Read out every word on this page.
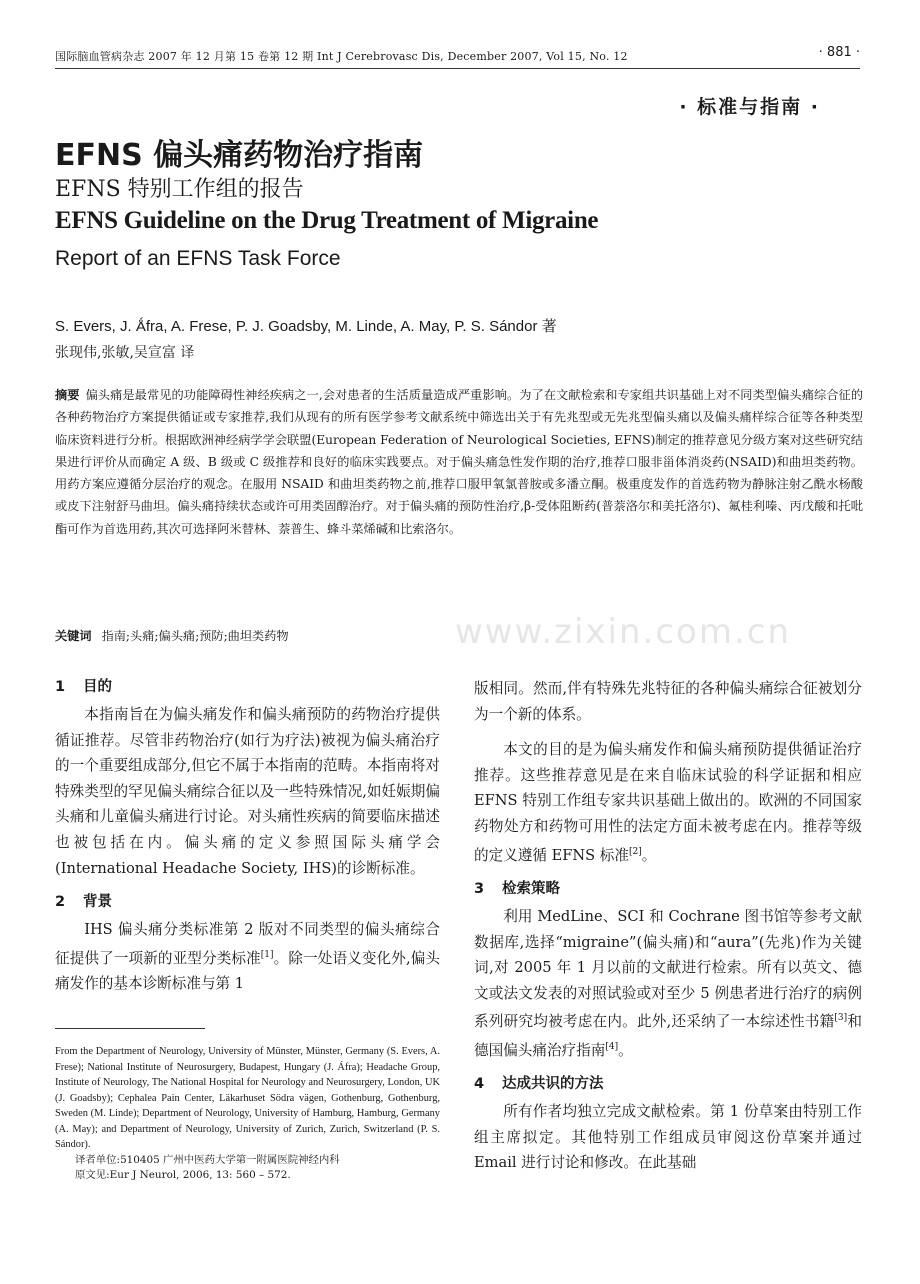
国际脑血管病杂志 2007 年 12 月第 15 卷第 12 期 Int J Cerebrovasc Dis, December 2007, Vol 15, No. 12	· 881 ·
· 标准与指南 ·
EFNS 偏头痛药物治疗指南
EFNS 特别工作组的报告
EFNS Guideline on the Drug Treatment of Migraine
Report of an EFNS Task Force
S. Evers, J. Ǻfra, A. Frese, P. J. Goadsby, M. Linde, A. May, P. S. Sándor 著
张现伟,张敏,吴宣富 译
摘要 偏头痛是最常见的功能障碍性神经疾病之一,会对患者的生活质量造成严重影响。为了在文献检索和专家组共识基础上对不同类型偏头痛综合征的各种药物治疗方案提供循证或专家推荐,我们从现有的所有医学参考文献系统中筛选出关于有先兆型或无先兆型偏头痛以及偏头痛样综合征等各种类型临床资料进行分析。根据欧洲神经病学学会联盟(European Federation of Neurological Societies, EFNS)制定的推荐意见分级方案对这些研究结果进行评价从而确定 A 级、B 级或 C 级推荐和良好的临床实践要点。对于偏头痛急性发作期的治疗,推荐口服非甾体消炎药(NSAID)和曲坦类药物。用药方案应遵循分层治疗的观念。在服用 NSAID 和曲坦类药物之前,推荐口服甲氧氯普胺或多潘立酮。极重度发作的首选药物为静脉注射乙酰水杨酸或皮下注射舒马曲坦。偏头痛持续状态或许可用类固醇治疗。对于偏头痛的预防性治疗,β-受体阻断药(普萘洛尔和美托洛尔)、氟桂利嗪、丙戊酸和托吡酯可作为首选用药,其次可选择阿米替林、萘普生、蜂斗菜烯碱和比索洛尔。
关键词 指南;头痛;偏头痛;预防;曲坦类药物	www.zixin.com.cn
1 目的

本指南旨在为偏头痛发作和偏头痛预防的药物治疗提供循证推荐。尽管非药物治疗(如行为疗法)被视为偏头痛治疗的一个重要组成部分,但它不属于本指南的范畴。本指南将对特殊类型的罕见偏头痛综合征以及一些特殊情况,如妊娠期偏头痛和儿童偏头痛进行讨论。对头痛性疾病的简要临床描述也被包括在内。偏头痛的定义参照国际头痛学会(International Headache Society, IHS)的诊断标准。

2 背景

IHS 偏头痛分类标准第 2 版对不同类型的偏头痛综合征提供了一项新的亚型分类标准[1]。除一处语义变化外,偏头痛发作的基本诊断标准与第 1

From the Department of Neurology, University of Münster, Münster, Germany (S. Evers, A. Frese); National Institute of Neurosurgery, Budapest, Hungary (J. Áfra); Headache Group, Institute of Neurology, The National Hospital for Neurology and Neurosurgery, London, UK (J. Goadsby); Cephalea Pain Center, Läkarhuset Södra vägen, Gothenburg, Gothenburg, Sweden (M. Linde); Department of Neurology, University of Hamburg, Hamburg, Germany (A. May); and Department of Neurology, University of Zurich, Zurich, Switzerland (P. S. Sándor).
译者单位:510405 广州中医药大学第一附属医院神经内科
原文见:Eur J Neurol, 2006, 13: 560 – 572.

版相同。然而,伴有特殊先兆特征的各种偏头痛综合征被划分为一个新的体系。

本文的目的是为偏头痛发作和偏头痛预防提供循证治疗推荐。这些推荐意见是在来自临床试验的科学证据和相应 EFNS 特别工作组专家共识基础上做出的。欧洲的不同国家药物处方和药物可用性的法定方面未被考虑在内。推荐等级的定义遵循 EFNS 标准[2]。

3 检索策略

利用 MedLine、SCI 和 Cochrane 图书馆等参考文献数据库,选择“migraine”(偏头痛)和“aura”(先兆)作为关键词,对 2005 年 1 月以前的文献进行检索。所有以英文、德文或法文发表的对照试验或对至少 5 例患者进行治疗的病例系列研究均被考虑在内。此外,还采纳了一本综述性书籍[3]和德国偏头痛治疗指南[4]。

4 达成共识的方法

所有作者均独立完成文献检索。第 1 份草案由特别工作组主席拟定。其他特别工作组成员审阅这份草案并通过 Email 进行讨论和修改。在此基础
